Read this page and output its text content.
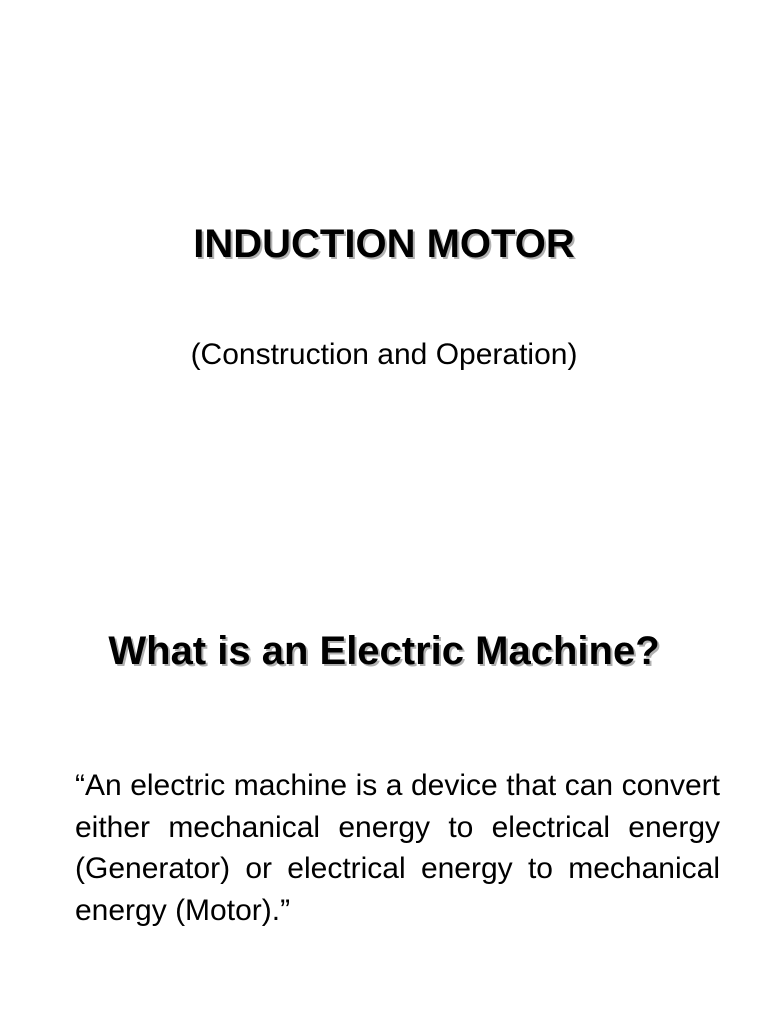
INDUCTION MOTOR

(Construction and Operation)

What is an Electric Machine?

“An electric machine is a device that can convert either mechanical energy to electrical energy (Generator) or electrical energy to mechanical energy (Motor).”
